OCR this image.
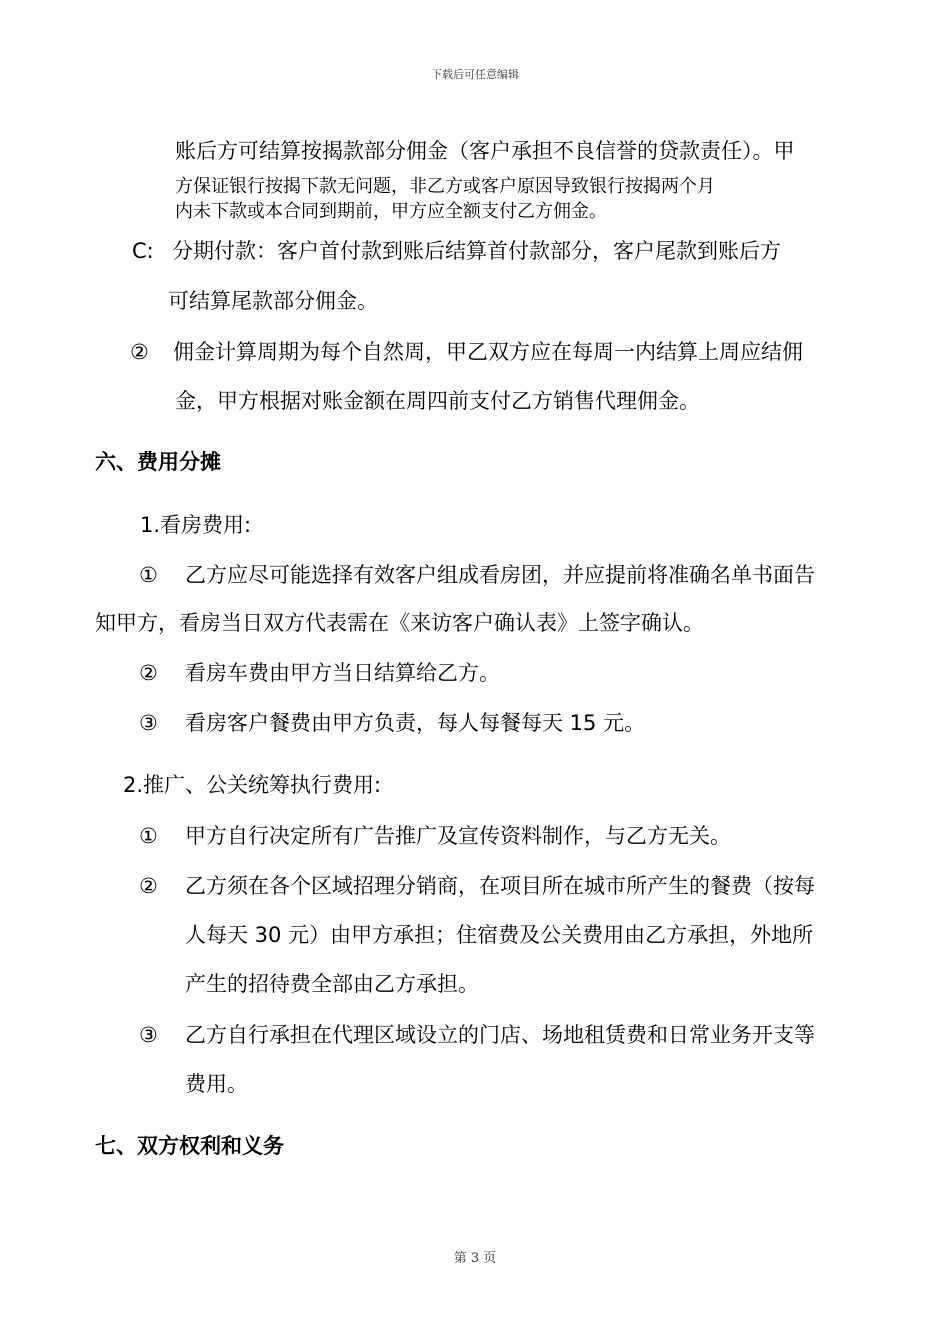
下载后可任意编辑
账后方可结算按揭款部分佣金（客户承担不良信誉的贷款责任）。甲
方保证银行按揭下款无问题，非乙方或客户原因导致银行按揭两个月
内未下款或本合同到期前，甲方应全额支付乙方佣金。
C: 分期付款：客户首付款到账后结算首付款部分，客户尾款到账后方
可结算尾款部分佣金。
② 佣金计算周期为每个自然周，甲乙双方应在每周一内结算上周应结佣
金，甲方根据对账金额在周四前支付乙方销售代理佣金。
六、费用分摊
1.看房费用:
① 乙方应尽可能选择有效客户组成看房团，并应提前将准确名单书面告
知甲方，看房当日双方代表需在《来访客户确认表》上签字确认。
② 看房车费由甲方当日结算给乙方。
③ 看房客户餐费由甲方负责，每人每餐每天 15 元。
2.推广、公关统筹执行费用:
① 甲方自行决定所有广告推广及宣传资料制作，与乙方无关。
② 乙方须在各个区域招理分销商，在项目所在城市所产生的餐费（按每
人每天 30 元）由甲方承担；住宿费及公关费用由乙方承担，外地所
产生的招待费全部由乙方承担。
③ 乙方自行承担在代理区域设立的门店、场地租赁费和日常业务开支等
费用。
七、双方权利和义务
第 3 页
